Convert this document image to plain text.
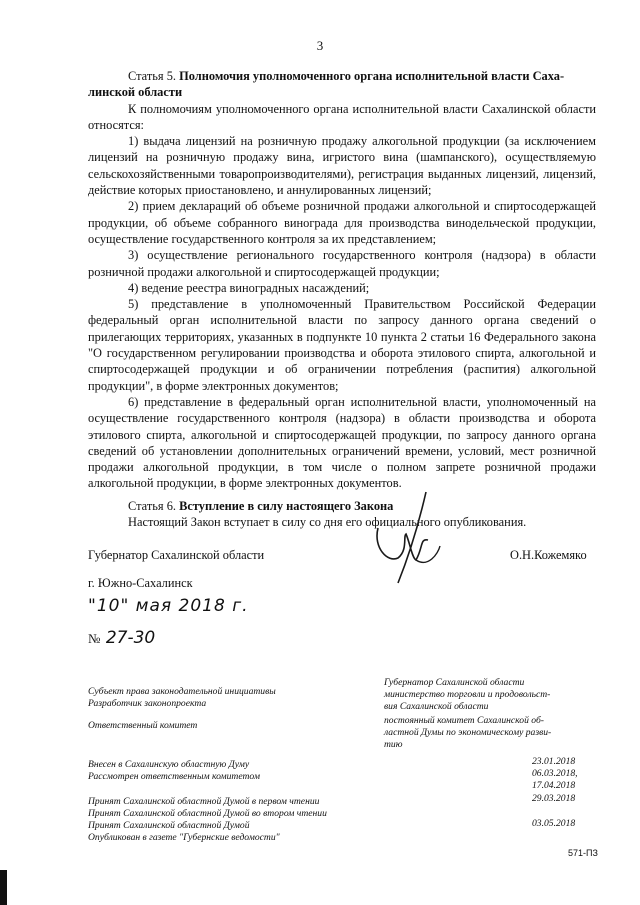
3

Статья 5. Полномочия уполномоченного органа исполнительной власти Саха-

линской области

К полномочиям уполномоченного органа исполнительной власти Сахалинской области относятся:

1) выдача лицензий на розничную продажу алкогольной продукции (за исключением лицензий на розничную продажу вина, игристого вина (шампанского), осуществляемую сельскохозяйственными товаропроизводителями), регистрация выданных лицензий, лицензий, действие которых приостановлено, и аннулированных лицензий;

2) прием деклараций об объеме розничной продажи алкогольной и спиртосодержащей продукции, об объеме собранного винограда для производства винодельческой продукции, осуществление государственного контроля за их представлением;

3) осуществление регионального государственного контроля (надзора) в области розничной продажи алкогольной и спиртосодержащей продукции;

4) ведение реестра виноградных насаждений;

5) представление в уполномоченный Правительством Российской Федерации федеральный орган исполнительной власти по запросу данного органа сведений о прилегающих территориях, указанных в подпункте 10 пункта 2 статьи 16 Федерального закона "О государственном регулировании производства и оборота этилового спирта, алкогольной и спиртосодержащей продукции и об ограничении потребления (распития) алкогольной продукции", в форме электронных документов;

6) представление в федеральный орган исполнительной власти, уполномоченный на осуществление государственного контроля (надзора) в области производства и оборота этилового спирта, алкогольной и спиртосодержащей продукции, по запросу данного органа сведений об установлении дополнительных ограничений времени, условий, мест розничной продажи алкогольной продукции, в том числе о полном запрете розничной продажи алкогольной продукции, в форме электронных документов.

Статья 6. Вступление в силу настоящего Закона

Настоящий Закон вступает в силу со дня его официального опубликования.

Губернатор Сахалинской области	О.Н.Кожемяко
г. Южно-Сахалинск
"10" мая 2018 г.
№ 27-30
Субъект права законодательной инициативы
Разработчик законопроекта
Ответственный комитет
Внесен в Сахалинскую областную Думу
Рассмотрен ответственным комитетом
Принят Сахалинской областной Думой в первом чтении
Принят Сахалинской областной Думой во втором чтении
Принят Сахалинской областной Думой
Опубликован в газете "Губернские ведомости"
Губернатор Сахалинской области
министерство торговли и продовольст-
вия Сахалинской области
постоянный комитет Сахалинской об-
ластной Думы по экономическому разви-
тию
23.01.2018
06.03.2018,
17.04.2018
29.03.2018
03.05.2018
571-ПЗ
